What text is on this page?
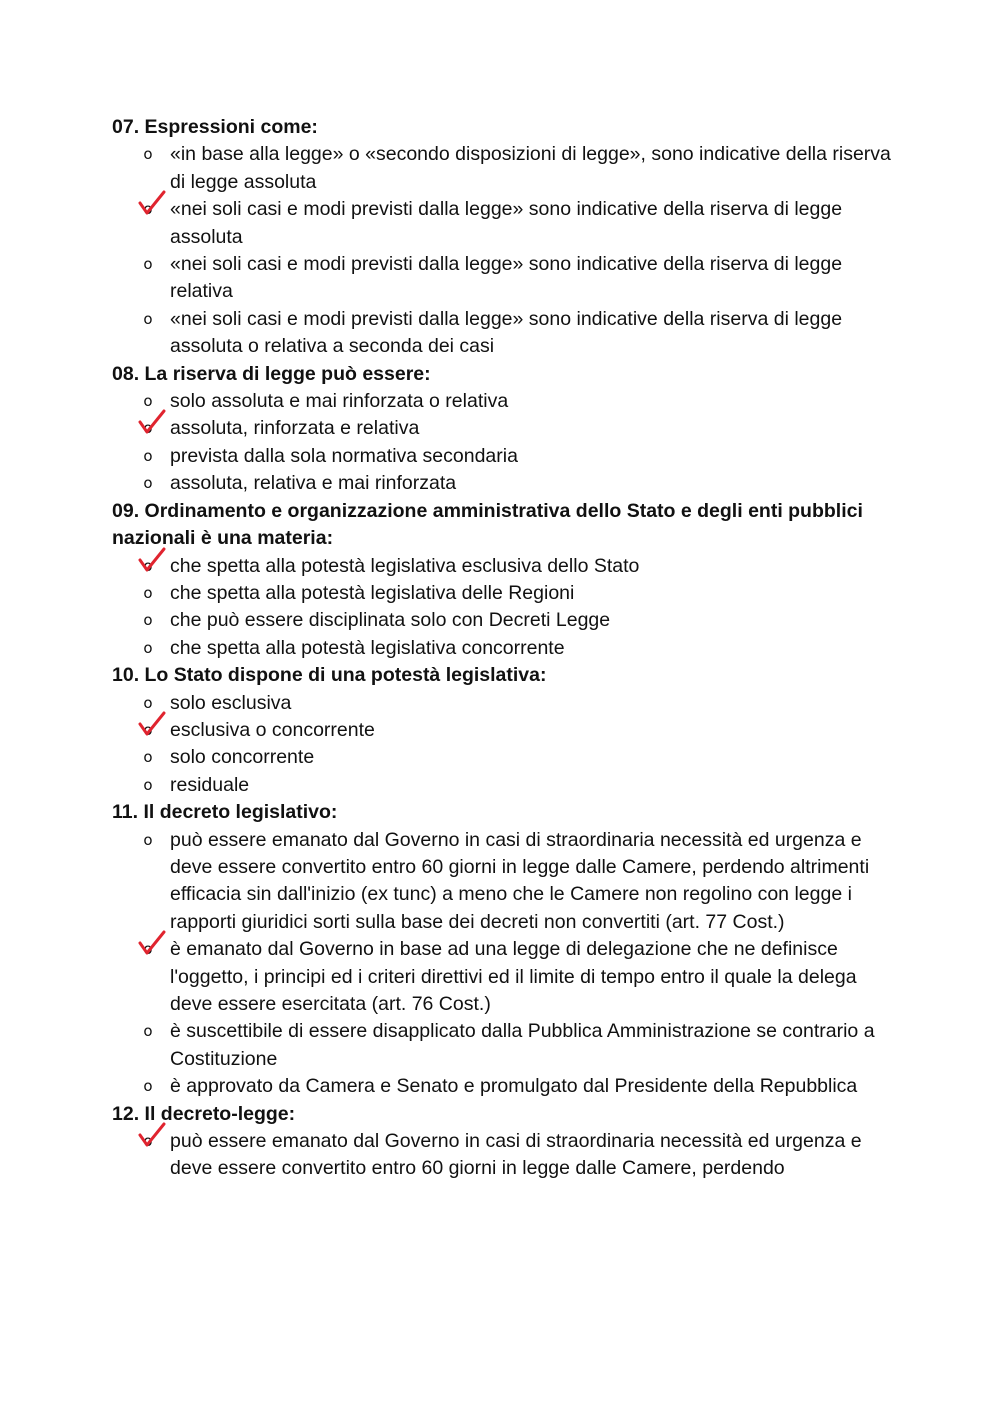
07. Espressioni come:

o «in base alla legge» o «secondo disposizioni di legge», sono indicative della riserva di legge assoluta
o «nei soli casi e modi previsti dalla legge» sono indicative della riserva di legge assoluta
o «nei soli casi e modi previsti dalla legge» sono indicative della riserva di legge relativa
o «nei soli casi e modi previsti dalla legge» sono indicative della riserva di legge assoluta o relativa a seconda dei casi

08. La riserva di legge può essere:

o solo assoluta e mai rinforzata o relativa
o assoluta, rinforzata e relativa
o prevista dalla sola normativa secondaria
o assoluta, relativa e mai rinforzata

09. Ordinamento e organizzazione amministrativa dello Stato e degli enti pubblici nazionali è una materia:

o che spetta alla potestà legislativa esclusiva dello Stato
o che spetta alla potestà legislativa delle Regioni
o che può essere disciplinata solo con Decreti Legge
o che spetta alla potestà legislativa concorrente

10. Lo Stato dispone di una potestà legislativa:

o solo esclusiva
o esclusiva o concorrente
o solo concorrente
o residuale

11. Il decreto legislativo:

o può essere emanato dal Governo in casi di straordinaria necessità ed urgenza e deve essere convertito entro 60 giorni in legge dalle Camere, perdendo altrimenti efficacia sin dall'inizio (ex tunc) a meno che le Camere non regolino con legge i rapporti giuridici sorti sulla base dei decreti non convertiti (art. 77 Cost.)
o è emanato dal Governo in base ad una legge di delegazione che ne definisce l'oggetto, i principi ed i criteri direttivi ed il limite di tempo entro il quale la delega deve essere esercitata (art. 76 Cost.)
o è suscettibile di essere disapplicato dalla Pubblica Amministrazione se contrario a Costituzione
o è approvato da Camera e Senato e promulgato dal Presidente della Repubblica

12. Il decreto-legge:

o può essere emanato dal Governo in casi di straordinaria necessità ed urgenza e deve essere convertito entro 60 giorni in legge dalle Camere, perdendo
